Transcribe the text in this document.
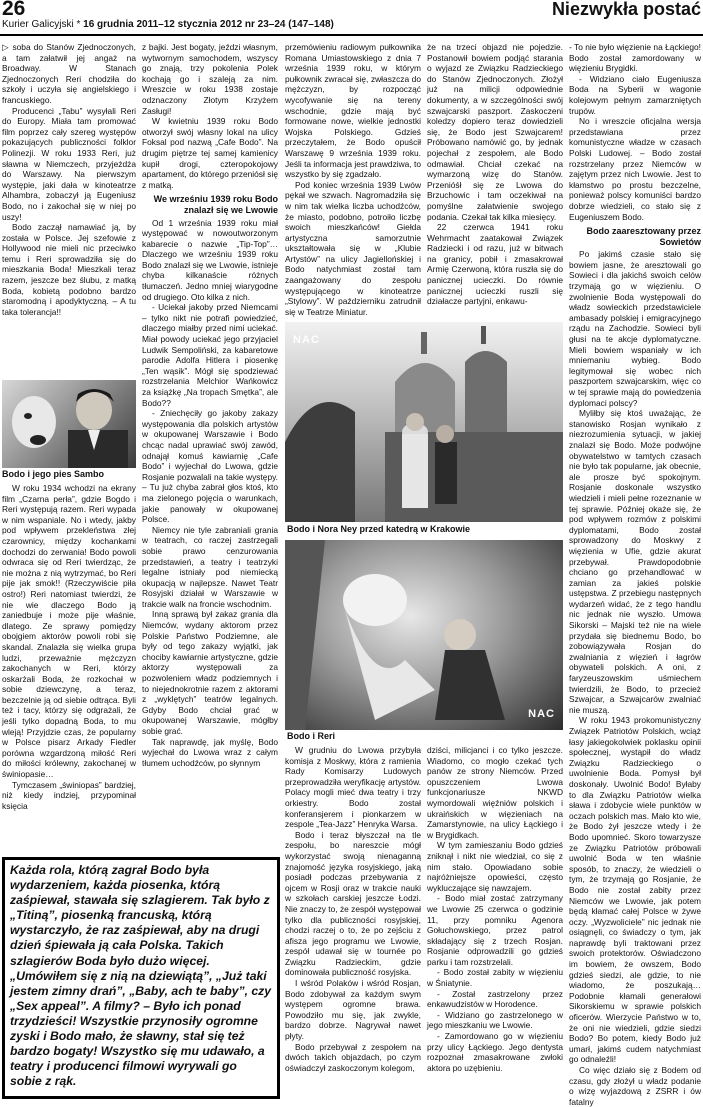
26
Kurier Galicyjski * 16 grudnia 2011–12 stycznia 2012 nr 23–24 (147–148)
Niezwykła postać

▷ soba do Stanów Zjednoczonych, a tam załatwił jej angaż na Broadway. W Stanach Zjednoczonych Reri chodziła do szkoły i uczyła się angielskiego i francuskiego.

Producenci „Tabu” wysyłali Reri do Europy. Miała tam promować film poprzez cały szereg występów pokazujących publiczności folklor Polinezji. W roku 1933 Reri, już sławna w Niemczech, przyjeżdża do Warszawy. Na pierwszym występie, jaki dała w kinoteatrze Alhambra, zobaczył ją Eugeniusz Bodo, no i zakochał się w niej po uszy!

Bodo zaczął namawiać ją, by została w Polsce. Jej szefowie z Hollywood nie mieli nic przeciwko temu i Reri sprowadziła się do mieszkania Boda! Mieszkali teraz razem, jeszcze bez ślubu, z matką Boda, kobietą podobno bardzo staromodną i apodyktyczną. – A tu taka tolerancja!!

Bodo i jego pies Sambo

W roku 1934 wchodzi na ekrany film „Czarna perła”, gdzie Bogdo i Reri występują razem. Reri wypada w nim wspaniale. No i wtedy, jakby pod wpływem przekleństwa złej czarownicy, między kochankami dochodzi do zerwania! Bodo powoli odwraca się od Reri twierdząc, że nie można z nią wytrzymać, bo Reri pije jak smok!! (Rzeczywiście piła ostro!) Reri natomiast twierdzi, że nie wie dlaczego Bodo ją zaniedbuje i może pije właśnie, dlatego. Ze sprawy pomiędzy obojgiem aktorów powoli robi się skandal. Znalazła się wielka grupa ludzi, przeważnie mężczyzn zakochanych w Reri, którzy oskarżali Boda, że rozkochał w sobie dziewczynę, a teraz, bezczelnie ją od siebie odtrąca. Byli też i tacy, którzy się odgrażali, że jeśli tylko dopadną Boda, to mu wleją! Przyjdzie czas, że popularny w Polsce pisarz Arkady Fiedler porówna wzgardzoną miłość Reri do miłości królewny, zakochanej w świniopasie…

Tymczasem „świniopas” bardziej, niż kiedy indziej, przypominał księcia

z bajki. Jest bogaty, jeździ własnym, wytwornym samochodem, wszyscy go znają, trzy pokolenia Polek kochają go i szaleją za nim. Wreszcie w roku 1938 zostaje odznaczony Złotym Krzyżem Zasługi!

W kwietniu 1939 roku Bodo otworzył swój własny lokal na ulicy Foksal pod nazwą „Cafe Bodo”. Na drugim piętrze tej samej kamienicy kupił drogi, czteropokojowy apartament, do którego przeniósł się z matką.

We wrześniu 1939 roku Bodo znalazł się we Lwowie

Od 1 września 1939 roku miał występować w nowoutworzonym kabarecie o nazwie „Tip-Top”… Dlaczego we wrześniu 1939 roku Bodo znalazł się we Lwowie, istnieje chyba kilkanaście różnych tłumaczeń. Jedno mniej wiarygodne od drugiego. Oto kilka z nich.

- Uciekał jakoby przed Niemcami – tylko nikt nie potrafi powiedzieć, dlaczego miałby przed nimi uciekać. Miał powody uciekać jego przyjaciel Ludwik Sempoliński, za kabaretowe parodie Adolfa Hitlera i piosenkę „Ten wąsik”. Mógł się spodziewać rozstrzelania Melchior Wańkowicz za książkę „Na tropach Smętka”, ale Bodo??

- Zniechęciły go jakoby zakazy występowania dla polskich artystów w okupowanej Warszawie i Bodo chcąc nadal uprawiać swój zawód, odnajął komuś kawiarnię „Cafe Bodo” i wyjechał do Lwowa, gdzie Rosjanie pozwalali na takie występy. – Tu już chyba zabrał głos ktoś, kto ma zielonego pojęcia o warunkach, jakie panowały w okupowanej Polsce.

Niemcy nie tyle zabraniali grania w teatrach, co raczej zastrzegali sobie prawo cenzurowania przedstawień, a teatry i teatrzyki legalne istniały pod niemiecką okupacją w najlepsze. Nawet Teatr Rosyjski działał w Warszawie w trakcie walk na froncie wschodnim.

Inną sprawą był zakaz grania dla Niemców, wydany aktorom przez Polskie Państwo Podziemne, ale były od tego zakazy wyjątki, jak chociby kawiarnie artystyczne, gdzie aktorzy występowali za pozwoleniem władz podziemnych i to niejednokrotnie razem z aktorami z „wyklętych” teatrów legalnych. Gdyby Bodo chciał grać w okupowanej Warszawie, mógłby sobie grać.

Tak naprawdę, jak myślę, Bodo wyjechał do Lwowa wraz z całym tłumem uchodźców, po słynnym

przemówieniu radiowym pułkownika Romana Umiastowskiego z dnia 7 września 1939 roku, w którym pułkownik zwracał się, zwłaszcza do mężczyzn, by rozpocząć wycofywanie się na tereny wschodnie, gdzie mają być formowane nowe, wielkie jednostki Wojska Polskiego. Gdzieś przeczytałem, że Bodo opuścił Warszawę 9 września 1939 roku. Jeśli ta informacja jest prawdziwa, to wszystko by się zgadzało.

Pod koniec września 1939 Lwów pękał we szwach. Nagromadziła się w nim tak wielka liczba uchodźców, że miasto, podobno, potroiło liczbę swoich mieszkańców! Giełda artystyczna samorzutnie ukształtowała się w „Klubie Artystów” na ulicy Jagiellońskiej i Bodo natychmiast został tam zaangażowany do zespołu występującego w kinoteatrze „Stylowy”. W październiku zatrudnił się w Teatrze Miniatur.

że na trzeci objazd nie pojedzie. Postanowił bowiem podjąć starania o wyjazd ze Związku Radzieckiego do Stanów Zjednoczonych. Złożył już na milicji odpowiednie dokumenty, a w szczególności swój szwajcarski paszport. Zaskoczeni koledzy dopiero teraz dowiedzieli się, że Bodo jest Szwajcarem! Próbowano namówić go, by jednak pojechał z zespołem, ale Bodo odmawiał. Chciał czekać na wymarzoną wizę do Stanów. Przenióśł się ze Lwowa do Brzuchowic i tam oczekiwał na pomyślne załatwienie swojego podania. Czekał tak kilka miesięcy.

22 czerwca 1941 roku Wehrmacht zaatakował Związek Radziecki i od razu, już w bitwach na granicy, pobił i zmasakrował Armię Czerwoną, która ruszła się do panicznej ucieczki. Do równie panicznej ucieczki ruszli się działacze partyjni, enkawu-

NAC
Bodo i Nora Ney przed katedrą w Krakowie
NAC
Bodo i Reri

W grudniu do Lwowa przybyła komisja z Moskwy, która z ramienia Rady Komisarzy Ludowych przeprowadziła weryfikację artystów. Polacy mogli mieć dwa teatry i trzy orkiestry. Bodo został konferansjerem i pionkarzem w zespole „Tea-Jazz” Henryka Warsa.

Bodo i teraz błyszczał na tle zespołu, bo nareszcie mógł wykorzystać swoją nienaganną znajomość języka rosyjskiego, jaką posiadł podczas przebywania z ojcem w Rosji oraz w trakcie nauki w szkołach carskiej jeszcze Łodzi. Nie znaczy to, że zespół występował tylko dla publiczności rosyjskiej, chodzi raczej o to, że po zejściu z afisza jego programu we Lwowie, zespół udawał się w tournée po Związku Radzieckim, gdzie dominowała publiczność rosyjska.

I wśród Polaków i wśród Rosjan, Bodo zdobywał za każdym swym występem ogromne brawa. Powodziło mu się, jak zwykle, bardzo dobrze. Nagrywał nawet płyty.

Bodo przebywał z zespołem na dwóch takich objazdach, po czym oświadczył zaskoczonym kolegom,

dziści, milicjanci i co tylko jeszcze. Wiadomo, co mogło czekać tych panów ze strony Niemców. Przed opuszczeniem Lwowa funkcjonariusze NKWD wymordowali więźniów polskich i ukraińskich w więzieniach na Zamarstynowie, na ulicy Łąckiego i w Brygidkach.

W tym zamieszaniu Bodo gdzieś zniknął i nikt nie wiedział, co się z nim stało. Opowiadano sobie najróżniejsze opowieści, często wykluczające się nawzajem.

- Bodo miał zostać zatrzymany we Lwowie 25 czerwca o godzinie 11, przy pomniku Agenora Gołuchowskiego, przez patrol składający się z trzech Rosjan. Rosjanie odprowadzili go gdzieś parku i tam rozstrzelali.

- Bodo został zabity w więzieniu w Śniatynie.

- Został zastrzelony przez enkawudzistów w Horodence.

- Widziano go zastrzelonego w jego mieszkaniu we Lwowie.

- Zamordowano go w więzieniu przy ulicy Łąckiego. Jego dentysta rozpoznał zmasakrowane zwłoki aktora po uzębieniu.

- To nie było więzienie na Łąckiego! Bodo został zamordowany w więzieniu Brygidki.

- Widziano ciało Eugeniusza Boda na Syberii w wagonie kolejowym pełnym zamarzniętych trupów.

No i wreszcie oficjalna wersja przedstawiana przez komunistyczne władze w czasach Polski Ludowej. – Bodo został rozstrzelany przez Niemców w zajętym przez nich Lwowie. Jest to kłamstwo po prostu bezczelne, ponieważ polscy komuniści bardzo dobrze wiedzieli, co stało się z Eugeniuszem Bodo.

Bodo zaaresztowany przez Sowietów

Po jakimś czasie stało się bowiem jasne, że aresztowali go Sowieci i dla jakichś swoich celów trzymają go w więzieniu. O zwolnienie Boda występowali do władz sowieckich przedstawiciele ambasady polskiej i emigracyjnego rządu na Zachodzie. Sowieci byli głusi na te akcje dyplomatyczne. Mieli bowiem wspaniały w ich mniemaniu wybieg. Bodo legitymował się wobec nich paszportem szwajcarskim, więc co w tej sprawie mają do powiedzenia dyplomaci polscy?

Myliłby się ktoś uważając, że stanowisko Rosjan wynikało z niezrozumienia sytuacji, w jakiej znalazł się Bodo. Może podwójne obywatelstwo w tamtych czasach nie było tak popularne, jak obecnie, ale prosze być spokojnym. Rosjanie doskonale wszystko wiedzieli i mieli pełne rozeznanie w tej sprawie. Później okaże się, że pod wpływem rozmów z polskimi dyplomatami, Bodo został sprowadzony do Moskwy z więzienia w Ufie, gdzie akurat przebywał. Prawdopodobnie chciano go przehandlować w zamian za jakieś polskie ustępstwa. Z przebiegu następnych wydarzeń widać, że z tego handlu nic jednak nie wyszło. Umowa Sikorski – Majski też nie na wiele przydała się biednemu Bodo, bo zobowiązywała Rosjan do zwalniania z więzień i łagrów obywateli polskich. A oni, z faryzeuszowskim uśmiechem twierdzili, że Bodo, to przecież Szwajcar, a Szwajcarów zwalniać nie muszą.

W roku 1943 prokomunistyczny Związek Patriotów Polskich, wciąż łasy jakiegokolwiek poklasku opinii społecznej, wystąpił do władz Związku Radzieckiego o uwolnienie Boda. Pomysł był doskonały. Uwolnić Bodo! Byłaby to dla Związku Patriotów wielka sława i zdobycie wiele punktów w oczach polskich mas. Mało kto wie, że Bodo żył jeszcze wtedy i że Bodo upomnieć. Skoro towarzysze ze Związku Patriotów próbowali uwolnić Boda w ten właśnie sposób, to znaczy, że wiedzieli o tym, że trzymają go Rosjanie, że Bodo nie został zabity przez Niemców we Lwowie, jak potem będą kłamać całej Polsce w żywe oczy. „Wyzwoliciele” nic jednak nie osiągnęli, co świadczy o tym, jak naprawdę byli traktowani przez swoich protektorów. Oświadczono im bowiem, że owszem, Bodo gdzieś siedzi, ale gdzie, to nie wiadomo, że poszukają… Podobnie kłamali generałowi Sikorskiemu w sprawie polskich oficerów. Wierzycie Państwo w to, że oni nie wiedzieli, gdzie siedzi Bodo? Bo potem, kiedy Bodo już umarł, jakimś cudem natychmiast go odnaleźli!

Co więc działo się z Bodem od czasu, gdy złożył u władz podanie o wizę wyjazdową z ZSRR i ów fatalny

Każda rola, którą zagrał Bodo była wydarzeniem, każda piosenka, którą zaśpiewał, stawała się szlagierem. Tak było z „Titiną”, piosenką francuską, którą wystarczyło, że raz zaśpiewał, aby na drugi dzień śpiewała ją cała Polska. Takich szlagierów Boda było dużo więcej. „Umówiłem się z nią na dziewiątą”, „Już taki jestem zimny drań”, „Baby, ach te baby”, czy „Sex appeal”. A filmy? – Było ich ponad trzydzieści! Wszystkie przynosiły ogromne zyski i Bodo mało, że sławny, stał się też bardzo bogaty! Wszystko się mu udawało, a teatry i producenci filmowi wyrywali go sobie z rąk.
